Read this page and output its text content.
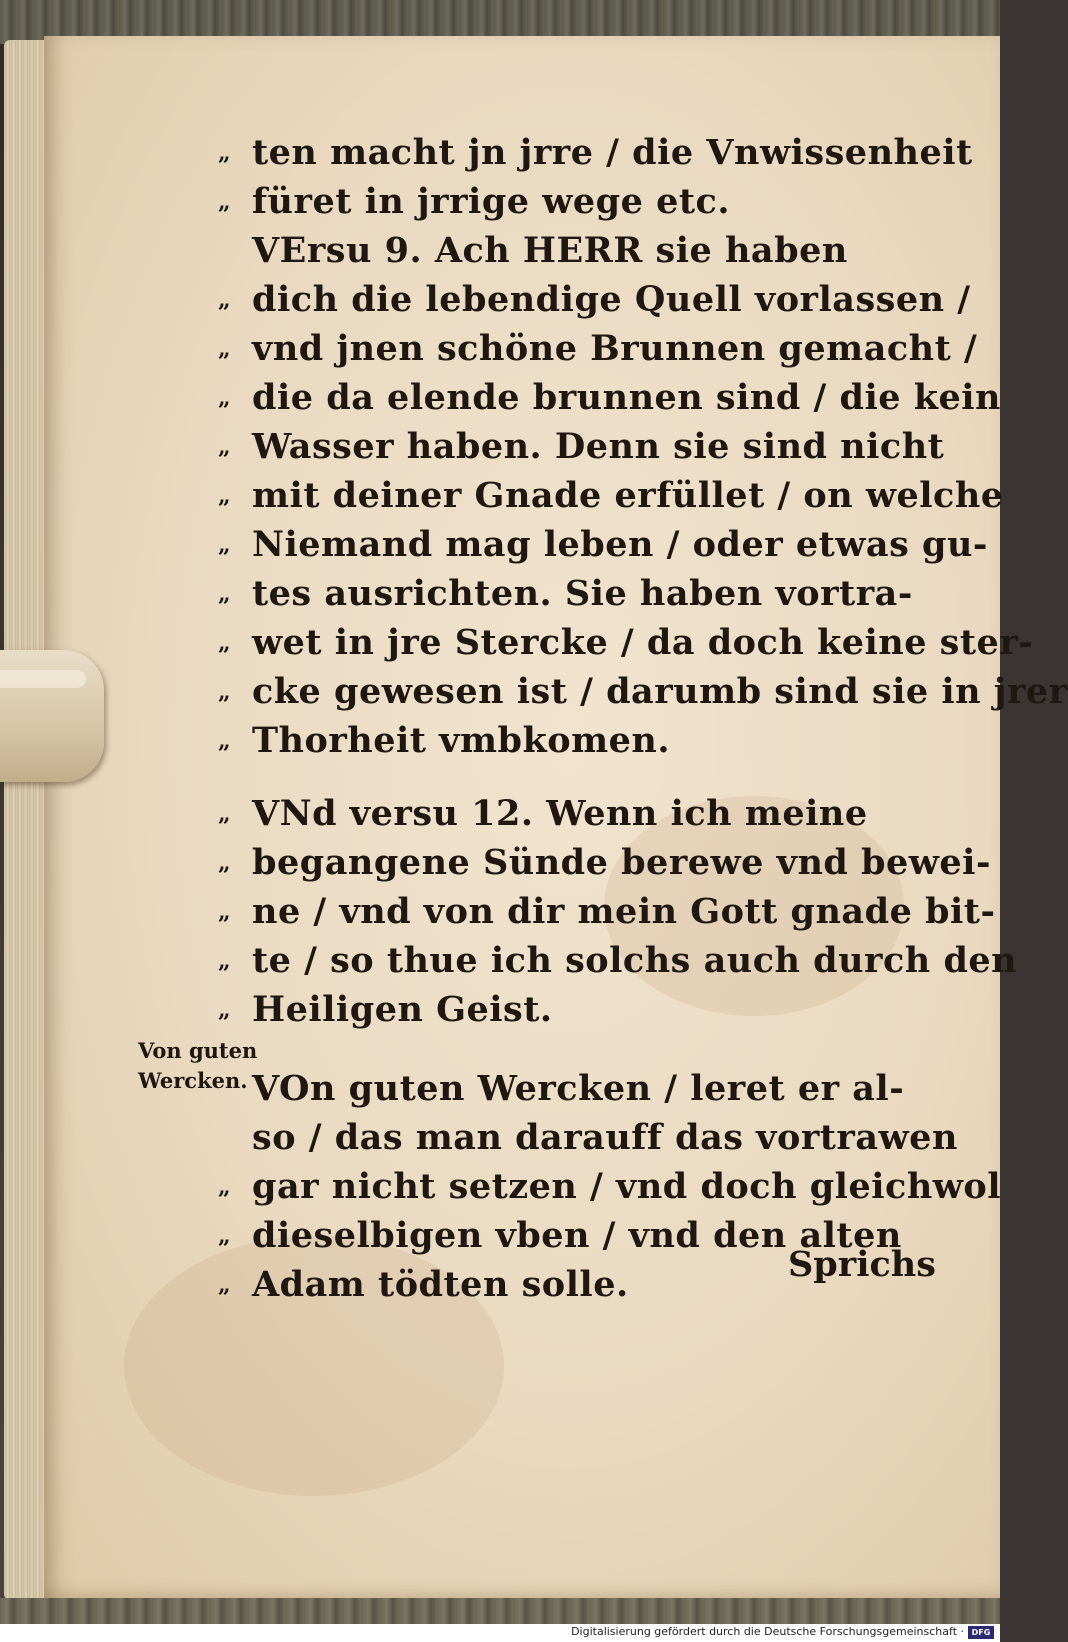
„ ten macht jn jrre / die Vnwissenheit
„ füret in jrrige wege etc.
VErsu 9. Ach HERR sie haben
„ dich die lebendige Quell vorlassen /
„ vnd jnen schöne Brunnen gemacht /
„ die da elende brunnen sind / die kein
„ Wasser haben. Denn sie sind nicht
„ mit deiner Gnade erfüllet / on welche
„ Niemand mag leben / oder etwas gu-
„ tes ausrichten. Sie haben vortra-
„ wet in jre Stercke / da doch keine ster-
„ cke gewesen ist / darumb sind sie in jrer
„ Thorheit vmbkomen.
„ VNd versu 12. Wenn ich meine
„ begangene Sünde berewe vnd bewei-
„ ne / vnd von dir mein Gott gnade bit-
„ te / so thue ich solchs auch durch den
„ Heiligen Geist.
VOn guten Wercken / leret er al-
so / das man darauff das vortrawen
„ gar nicht setzen / vnd doch gleichwol
„ dieselbigen vben / vnd den alten
„ Adam tödten solle.
Von guten
Wercken.
Sprichs
Digitalisierung gefördert durch die Deutsche Forschungsgemeinschaft · DFG
